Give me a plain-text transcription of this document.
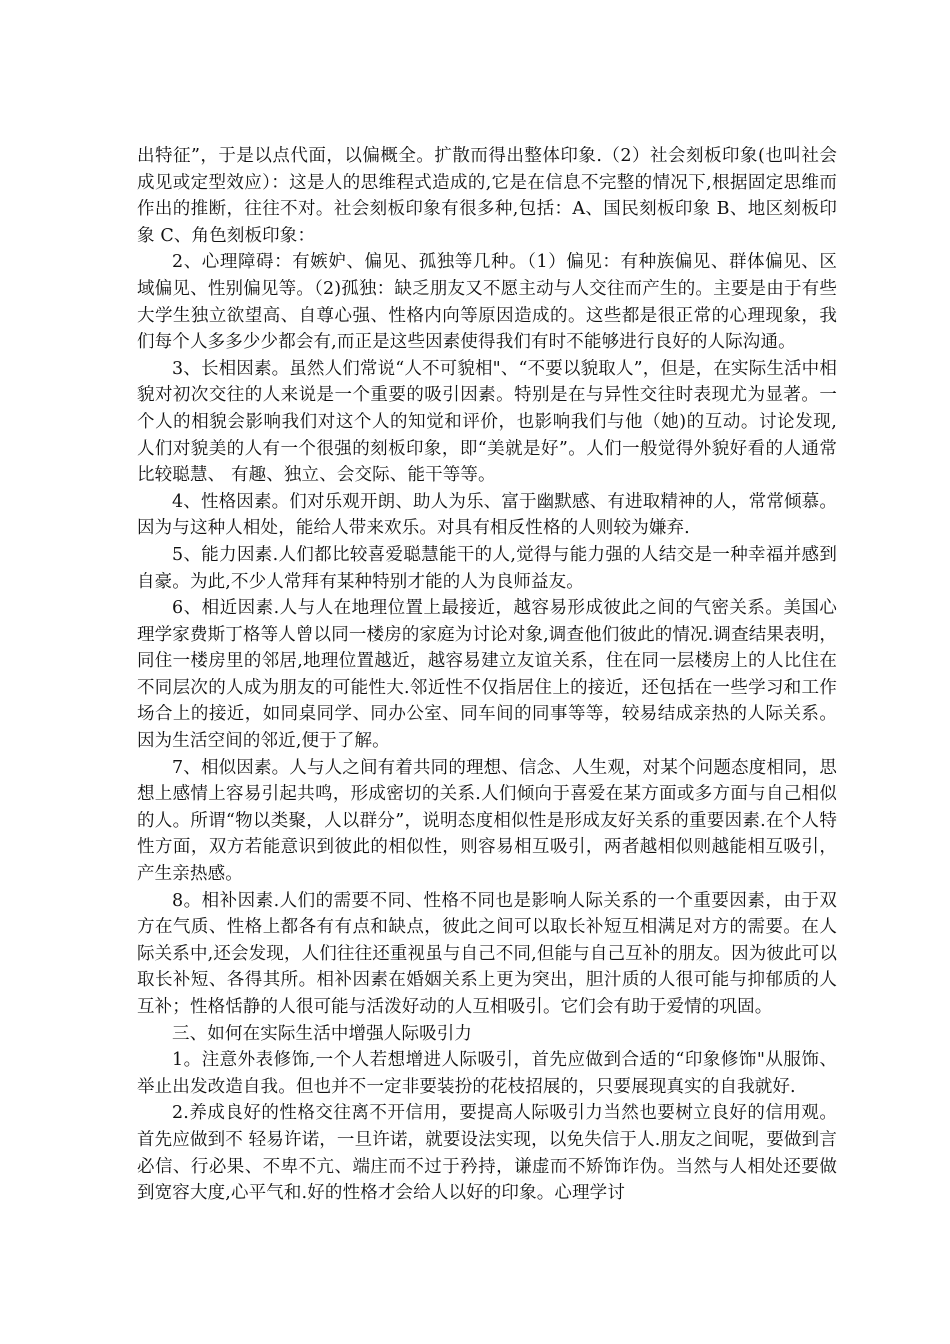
出特征”，于是以点代面，以偏概全。扩散而得出整体印象.（2）社会刻板印象(也叫社会成见或定型效应）：这是人的思维程式造成的,它是在信息不完整的情况下,根据固定思维而作出的推断，往往不对。社会刻板印象有很多种,包括：A、国民刻板印象 B、地区刻板印象 C、角色刻板印象：

2、心理障碍：有嫉妒、偏见、孤独等几种。（1）偏见：有种族偏见、群体偏见、区域偏见、性别偏见等。（2)孤独：缺乏朋友又不愿主动与人交往而产生的。主要是由于有些大学生独立欲望高、自尊心强、性格内向等原因造成的。这些都是很正常的心理现象，我们每个人多多少少都会有,而正是这些因素使得我们有时不能够进行良好的人际沟通。

3、长相因素。虽然人们常说“人不可貌相"、“不要以貌取人”，但是，在实际生活中相貌对初次交往的人来说是一个重要的吸引因素。特别是在与异性交往时表现尤为显著。一个人的相貌会影响我们对这个人的知觉和评价，也影响我们与他（她)的互动。讨论发现,人们对貌美的人有一个很强的刻板印象，即“美就是好”。人们一般觉得外貌好看的人通常比较聪慧、 有趣、独立、会交际、能干等等。

4、性格因素。们对乐观开朗、助人为乐、富于幽默感、有进取精神的人，常常倾慕。因为与这种人相处，能给人带来欢乐。对具有相反性格的人则较为嫌弃.

5、能力因素.人们都比较喜爱聪慧能干的人,觉得与能力强的人结交是一种幸福并感到自豪。为此,不少人常拜有某种特别才能的人为良师益友。

6、相近因素.人与人在地理位置上最接近，越容易形成彼此之间的气密关系。美国心理学家费斯丁格等人曾以同一楼房的家庭为讨论对象,调查他们彼此的情况.调查结果表明，同住一楼房里的邻居,地理位置越近，越容易建立友谊关系，住在同一层楼房上的人比住在不同层次的人成为朋友的可能性大.邻近性不仅指居住上的接近，还包括在一些学习和工作场合上的接近，如同桌同学、同办公室、同车间的同事等等，较易结成亲热的人际关系。因为生活空间的邻近,便于了解。

7、相似因素。人与人之间有着共同的理想、信念、人生观，对某个问题态度相同，思想上感情上容易引起共鸣，形成密切的关系.人们倾向于喜爱在某方面或多方面与自己相似的人。所谓“物以类聚，人以群分”，说明态度相似性是形成友好关系的重要因素.在个人特性方面，双方若能意识到彼此的相似性，则容易相互吸引，两者越相似则越能相互吸引，产生亲热感。

8。相补因素.人们的需要不同、性格不同也是影响人际关系的一个重要因素，由于双方在气质、性格上都各有有点和缺点，彼此之间可以取长补短互相满足对方的需要。在人际关系中,还会发现，人们往往还重视虽与自己不同,但能与自己互补的朋友。因为彼此可以取长补短、各得其所。相补因素在婚姻关系上更为突出，胆汁质的人很可能与抑郁质的人互补；性格恬静的人很可能与活泼好动的人互相吸引。它们会有助于爱情的巩固。

三、如何在实际生活中增强人际吸引力

1。注意外表修饰,一个人若想增进人际吸引，首先应做到合适的“印象修饰"从服饰、举止出发改造自我。但也并不一定非要装扮的花枝招展的，只要展现真实的自我就好.

2.养成良好的性格交往离不开信用，要提高人际吸引力当然也要树立良好的信用观。首先应做到不 轻易许诺，一旦许诺，就要设法实现，以免失信于人.朋友之间呢，要做到言必信、行必果、不卑不亢、端庄而不过于矜持，谦虚而不矫饰诈伪。当然与人相处还要做到宽容大度,心平气和.好的性格才会给人以好的印象。心理学讨
